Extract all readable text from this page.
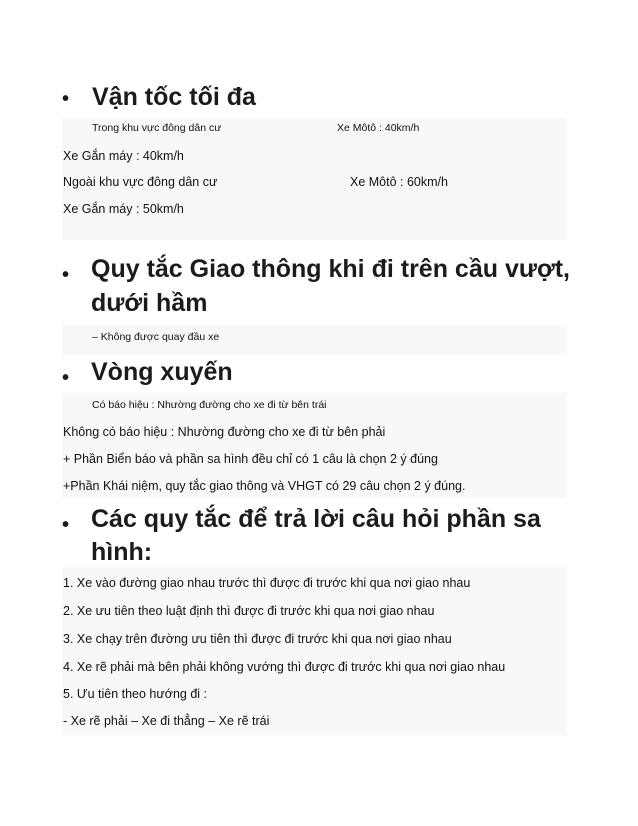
• Vận tốc tối đa
Trong khu vực đông dân cư	Xe Môtô : 40km/h
Xe Gắn máy : 40km/h
Ngoài khu vực đông dân cư	Xe Môtô : 60km/h
Xe Gắn máy : 50km/h
• Quy tắc Giao thông khi đi trên cầu vượt,
dưới hầm
– Không được quay đầu xe
• Vòng xuyến
Có báo hiệu : Nhường đường cho xe đi từ bên trái
Không có báo hiệu : Nhường đường cho xe đi từ bên phải
+ Phần Biển báo và phần sa hình đều chỉ có 1 câu là chọn 2 ý đúng
+Phần Khái niệm, quy tắc giao thông và VHGT có 29 câu chọn 2 ý đúng.
• Các quy tắc để trả lời câu hỏi phần sa
hình:
1. Xe vào đường giao nhau trước thì được đi trước khi qua nơi giao nhau
2. Xe ưu tiên theo luật định thì được đi trước khi qua nơi giao nhau
3. Xe chạy trên đường ưu tiên thì được đi trước khi qua nơi giao nhau
4. Xe rẽ phải mà bên phải không vướng thì được đi trước khi qua nơi giao nhau
5. Ưu tiên theo hướng đi :
- Xe rẽ phải – Xe đi thẳng – Xe rẽ trái
